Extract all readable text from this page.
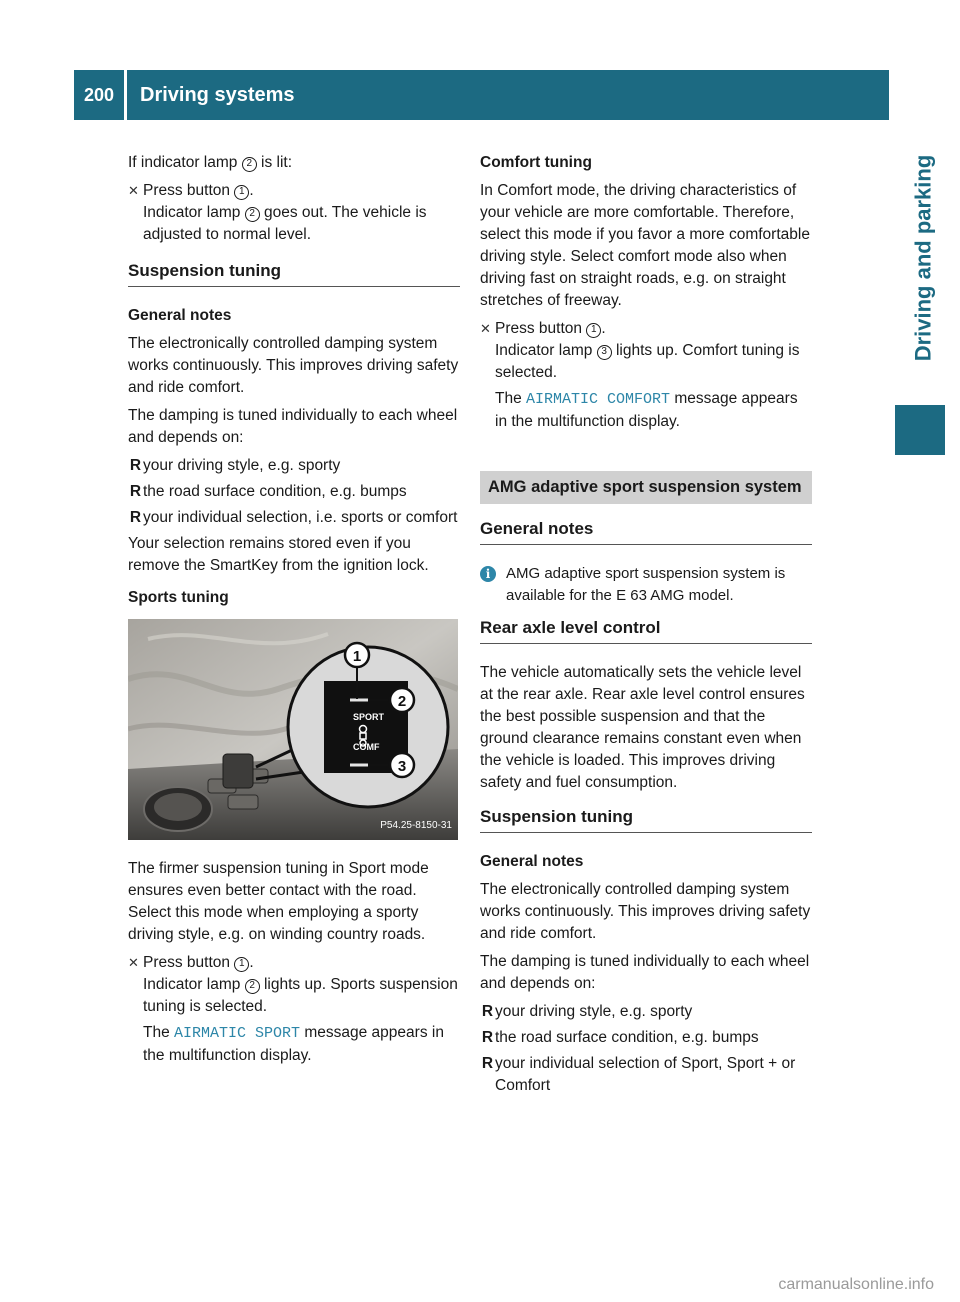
200	Driving systems
Driving and parking

If indicator lamp 2 is lit:

✕ Press button 1 .
Indicator lamp 2 goes out. The vehicle is adjusted to normal level.
Suspension tuning

General notes

The electronically controlled damping system works continuously. This improves driving safety and ride comfort.

The damping is tuned individually to each wheel and depends on:

R your driving style, e.g. sporty
R the road surface condition, e.g. bumps
R your individual selection, i.e. sports or comfort

Your selection remains stored even if you remove the SmartKey from the ignition lock.

Sports tuning

SPORT
COMF
1
2
3
P54.25-8150-31

The firmer suspension tuning in Sport mode ensures even better contact with the road. Select this mode when employing a sporty driving style, e.g. on winding country roads.

✕ Press button 1 .
Indicator lamp 2 lights up. Sports suspension tuning is selected.
The AIRMATIC SPORT message appears in the multifunction display.

Comfort tuning

In Comfort mode, the driving characteristics of your vehicle are more comfortable. Therefore, select this mode if you favor a more comfortable driving style. Select comfort mode also when driving fast on straight roads, e.g. on straight stretches of freeway.

✕ Press button 1 .
Indicator lamp 3 lights up. Comfort tuning is selected.
The AIRMATIC COMFORT message appears in the multifunction display.
AMG adaptive sport suspension system
General notes
i	AMG adaptive sport suspension system is available for the E 63 AMG model.
Rear axle level control

The vehicle automatically sets the vehicle level at the rear axle. Rear axle level control ensures the best possible suspension and that the ground clearance remains constant even when the vehicle is loaded. This improves driving safety and fuel consumption.

Suspension tuning

General notes

The electronically controlled damping system works continuously. This improves driving safety and ride comfort.

The damping is tuned individually to each wheel and depends on:

R your driving style, e.g. sporty
R the road surface condition, e.g. bumps
R your individual selection of Sport, Sport + or Comfort
carmanualsonline.info
